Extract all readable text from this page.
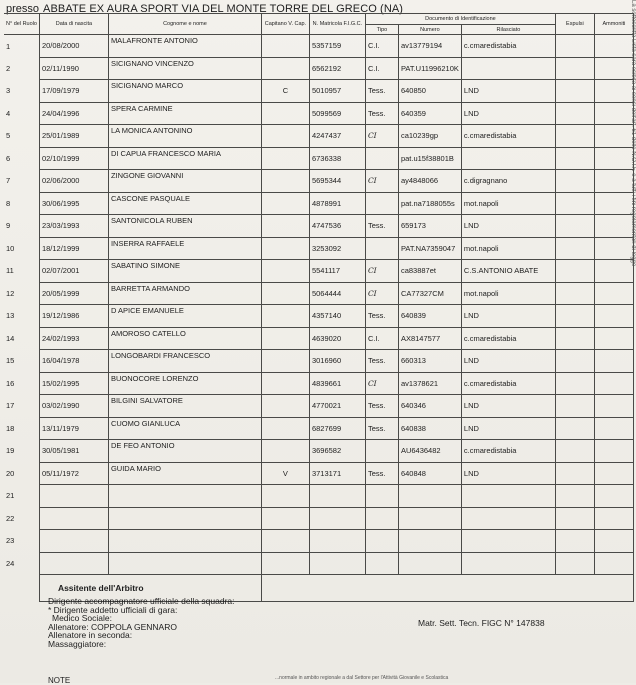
presso ABBATE EX AURA SPORT VIA DEL MONTE TORRE DEL GRECO (NA)
N° del Ruolo	Data di nascita	Cognome e nome	Capitano V. Cap.	N. Matricola F.I.G.C.	Documento di Identificazione			Espulsi	Ammoniti
					Tipo	Numero	Rilasciato		
1	20/08/2000	MALAFRONTE ANTONIO		5357159	C.I.	av13779194	c.cmaredistabia		
2	02/11/1990	SICIGNANO VINCENZO		6562192	C.I.	PAT.U11996210K			
3	17/09/1979	SICIGNANO MARCO	C	5010957	Tess.	640850	LND		
4	24/04/1996	SPERA CARMINE		5099569	Tess.	640359	LND		
5	25/01/1989	LA MONICA ANTONINO		4247437	CI	ca10239gp	c.cmaredistabia		
6	02/10/1999	DI CAPUA FRANCESCO MARIA		6736338		pat.u15f38801B			
7	02/06/2000	ZINGONE GIOVANNI		5695344	CI	ay4848066	c.digragnano		
8	30/06/1995	CASCONE PASQUALE		4878991		pat.na7188055s	mot.napoli		
9	23/03/1993	SANTONICOLA RUBEN		4747536	Tess.	659173	LND		
10	18/12/1999	INSERRA RAFFAELE		3253092		PAT.NA7359047	mot.napoli		
11	02/07/2001	SABATINO SIMONE		5541117	CI	ca83887et	C.S.ANTONIO ABATE		
12	20/05/1999	BARRETTA ARMANDO		5064444	CI	CA77327CM	mot.napoli		
13	19/12/1986	D APICE EMANUELE		4357140	Tess.	640839	LND		
14	24/02/1993	AMOROSO CATELLO		4639020	C.I.	AX8147577	c.cmaredistabia		
15	16/04/1978	LONGOBARDI FRANCESCO		3016960	Tess.	660313	LND		
16	15/02/1995	BUONOCORE LORENZO		4839661	CI	av1378621	c.cmaredistabia		
17	03/02/1990	BILGINI SALVATORE		4770021	Tess.	640346	LND		
18	13/11/1979	CUOMO GIANLUCA		6827699	Tess.	640838	LND		
19	30/05/1981	DE FEO ANTONIO		3696582		AU6436482	c.cmaredistabia		
20	05/11/1972	GUIDA MARIO	V	3713171	Tess.	640848	LND		
21									
22									
23									
24									
	Assitente dell'Arbitro								
Dirigente accompagnatore ufficiale della squadra:
* Dirigente addetto ufficiali di gara:
Medico Sociale:
Allenatore: COPPOLA GENNARO
Allenatore in seconda:
Massaggiatore:
Matr. Sett. Tecn. FIGC N° 147838
NOTE	...normale in ambito regionale a dal Settore per l'Attività Giovanile e Scolastica
La sottoscritta Lista sarà esibita ai sensi dell'art. 61 delle N.O.I.F. e a tutti i fini regolamentari di legge
